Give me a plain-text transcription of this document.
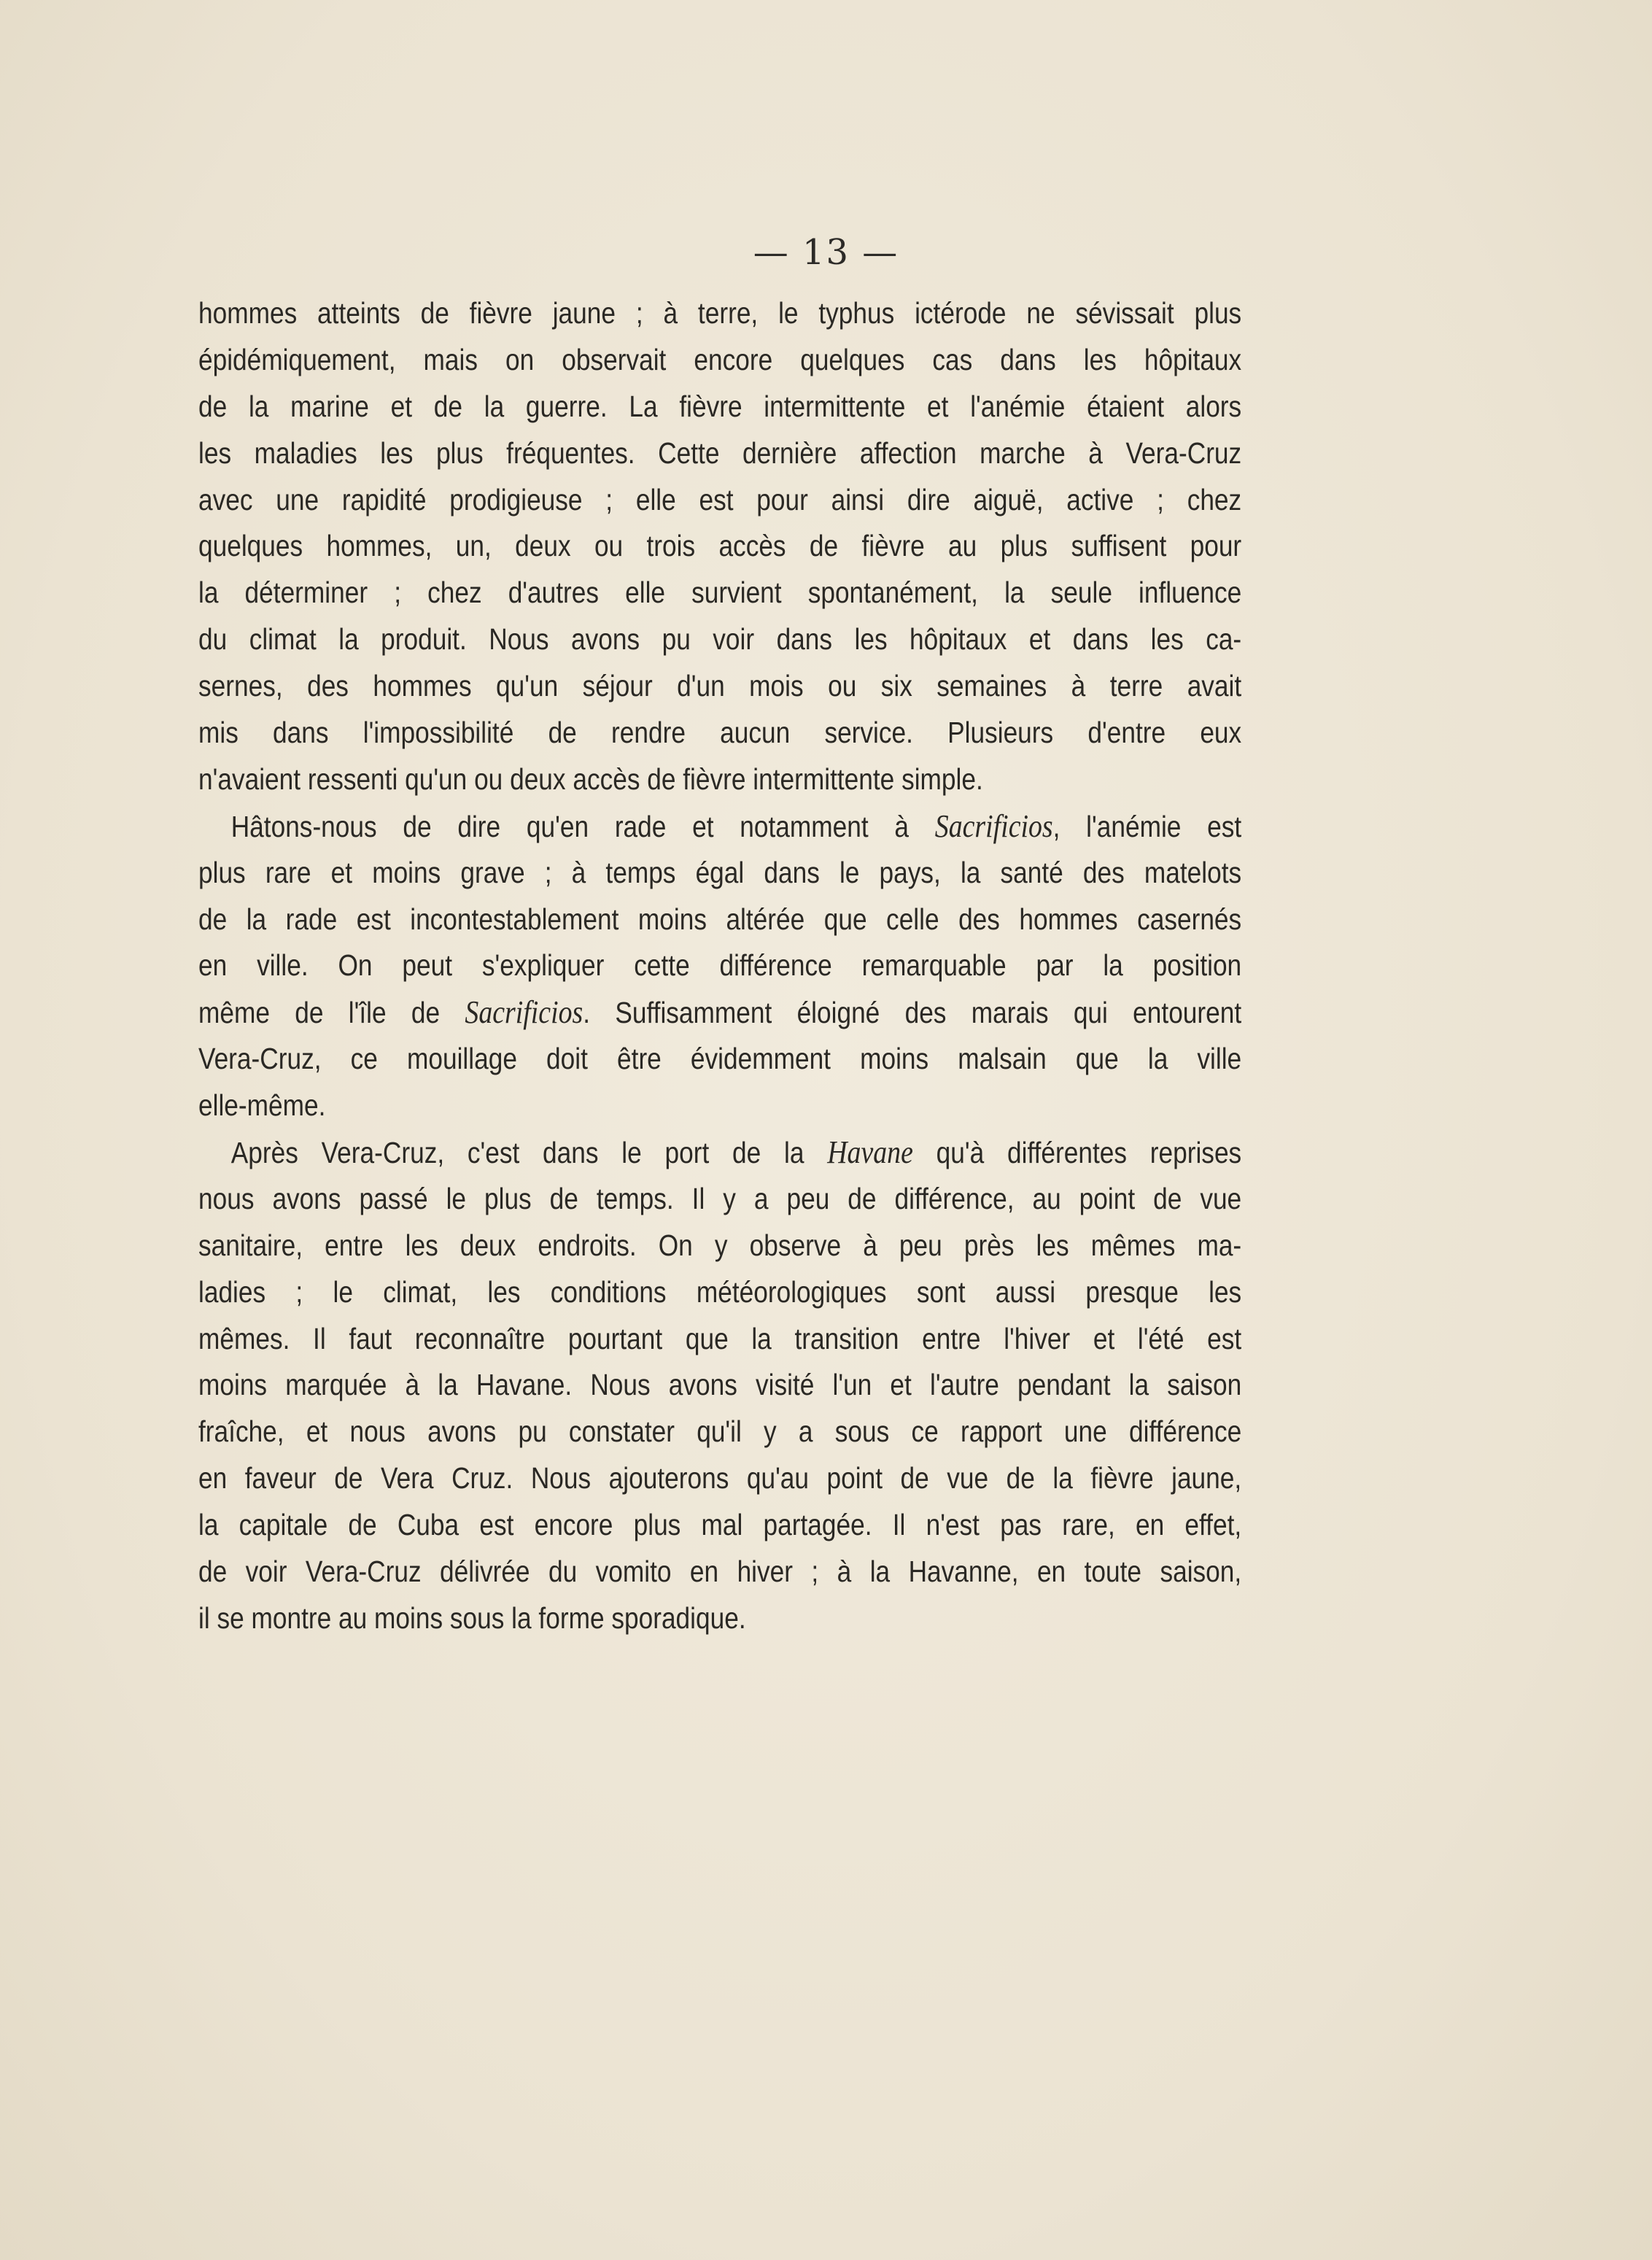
— 13 —
hommes atteints de fièvre jaune ; à terre, le typhus ictérode ne sévissait plus
épidémiquement, mais on observait encore quelques cas dans les hôpitaux
de la marine et de la guerre. La fièvre intermittente et l'anémie étaient alors
les maladies les plus fréquentes. Cette dernière affection marche à Vera-Cruz
avec une rapidité prodigieuse ; elle est pour ainsi dire aiguë, active ; chez
quelques hommes, un, deux ou trois accès de fièvre au plus suffisent pour
la déterminer ; chez d'autres elle survient spontanément, la seule influence
du climat la produit. Nous avons pu voir dans les hôpitaux et dans les ca-
sernes, des hommes qu'un séjour d'un mois ou six semaines à terre avait
mis dans l'impossibilité de rendre aucun service. Plusieurs d'entre eux
n'avaient ressenti qu'un ou deux accès de fièvre intermittente simple.
Hâtons-nous de dire qu'en rade et notamment à Sacrificios, l'anémie est
plus rare et moins grave ; à temps égal dans le pays, la santé des matelots
de la rade est incontestablement moins altérée que celle des hommes casernés
en ville. On peut s'expliquer cette différence remarquable par la position
même de l'île de Sacrificios. Suffisamment éloigné des marais qui entourent
Vera-Cruz, ce mouillage doit être évidemment moins malsain que la ville
elle-même.
Après Vera-Cruz, c'est dans le port de la Havane qu'à différentes reprises
nous avons passé le plus de temps. Il y a peu de différence, au point de vue
sanitaire, entre les deux endroits. On y observe à peu près les mêmes ma-
ladies ; le climat, les conditions météorologiques sont aussi presque les
mêmes. Il faut reconnaître pourtant que la transition entre l'hiver et l'été est
moins marquée à la Havane. Nous avons visité l'un et l'autre pendant la saison
fraîche, et nous avons pu constater qu'il y a sous ce rapport une différence
en faveur de Vera Cruz. Nous ajouterons qu'au point de vue de la fièvre jaune,
la capitale de Cuba est encore plus mal partagée. Il n'est pas rare, en effet,
de voir Vera-Cruz délivrée du vomito en hiver ; à la Havanne, en toute saison,
il se montre au moins sous la forme sporadique.
